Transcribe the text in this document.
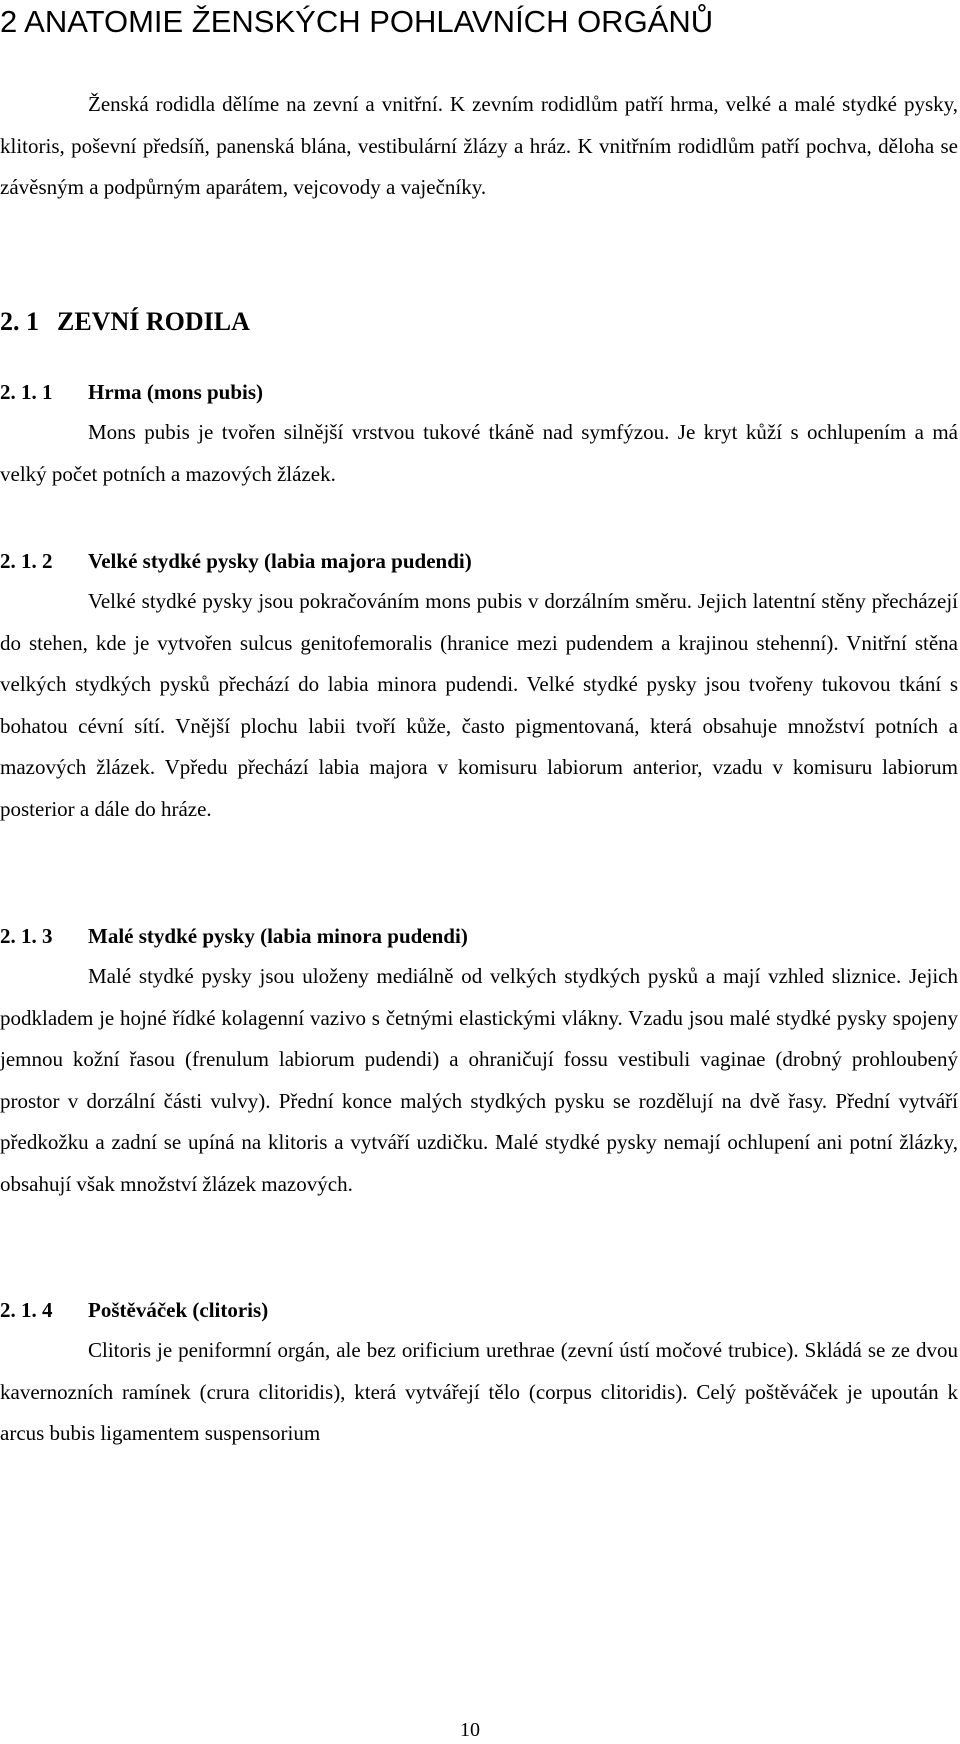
2 ANATOMIE ŽENSKÝCH POHLAVNÍCH ORGÁNŮ

Ženská rodidla dělíme na zevní a vnitřní. K zevním rodidlům patří hrma, velké a malé stydké pysky, klitoris, poševní předsíň, panenská blána, vestibulární žlázy a hráz. K vnitřním rodidlům patří pochva, děloha se závěsným a podpůrným aparátem, vejcovody a vaječníky.

2. 1 ZEVNÍ RODILA
2. 1. 1 Hrma (mons pubis)

Mons pubis je tvořen silnější vrstvou tukové tkáně nad symfýzou. Je kryt kůží s ochlupením a má velký počet potních a mazových žlázek.

2. 1. 2 Velké stydké pysky (labia majora pudendi)

Velké stydké pysky jsou pokračováním mons pubis v dorzálním směru. Jejich latentní stěny přecházejí do stehen, kde je vytvořen sulcus genitofemoralis (hranice mezi pudendem a krajinou stehenní). Vnitřní stěna velkých stydkých pysků přechází do labia minora pudendi. Velké stydké pysky jsou tvořeny tukovou tkání s bohatou cévní sítí. Vnější plochu labii tvoří kůže, často pigmentovaná, která obsahuje množství potních a mazových žlázek. Vpředu přechází labia majora v komisuru labiorum anterior, vzadu v komisuru labiorum posterior a dále do hráze.

2. 1. 3 Malé stydké pysky (labia minora pudendi)

Malé stydké pysky jsou uloženy mediálně od velkých stydkých pysků a mají vzhled sliznice. Jejich podkladem je hojné řídké kolagenní vazivo s četnými elastickými vlákny. Vzadu jsou malé stydké pysky spojeny jemnou kožní řasou (frenulum labiorum pudendi) a ohraničují fossu vestibuli vaginae (drobný prohloubený prostor v dorzální části vulvy). Přední konce malých stydkých pysku se rozdělují na dvě řasy. Přední vytváří předkožku a zadní se upíná na klitoris a vytváří uzdičku. Malé stydké pysky nemají ochlupení ani potní žlázky, obsahují však množství žlázek mazových.

2. 1. 4 Poštěváček (clitoris)

Clitoris je peniformní orgán, ale bez orificium urethrae (zevní ústí močové trubice). Skládá se ze dvou kavernozních ramínek (crura clitoridis), která vytvářejí tělo (corpus clitoridis). Celý poštěváček je upoután k arcus bubis ligamentem suspensorium

10
